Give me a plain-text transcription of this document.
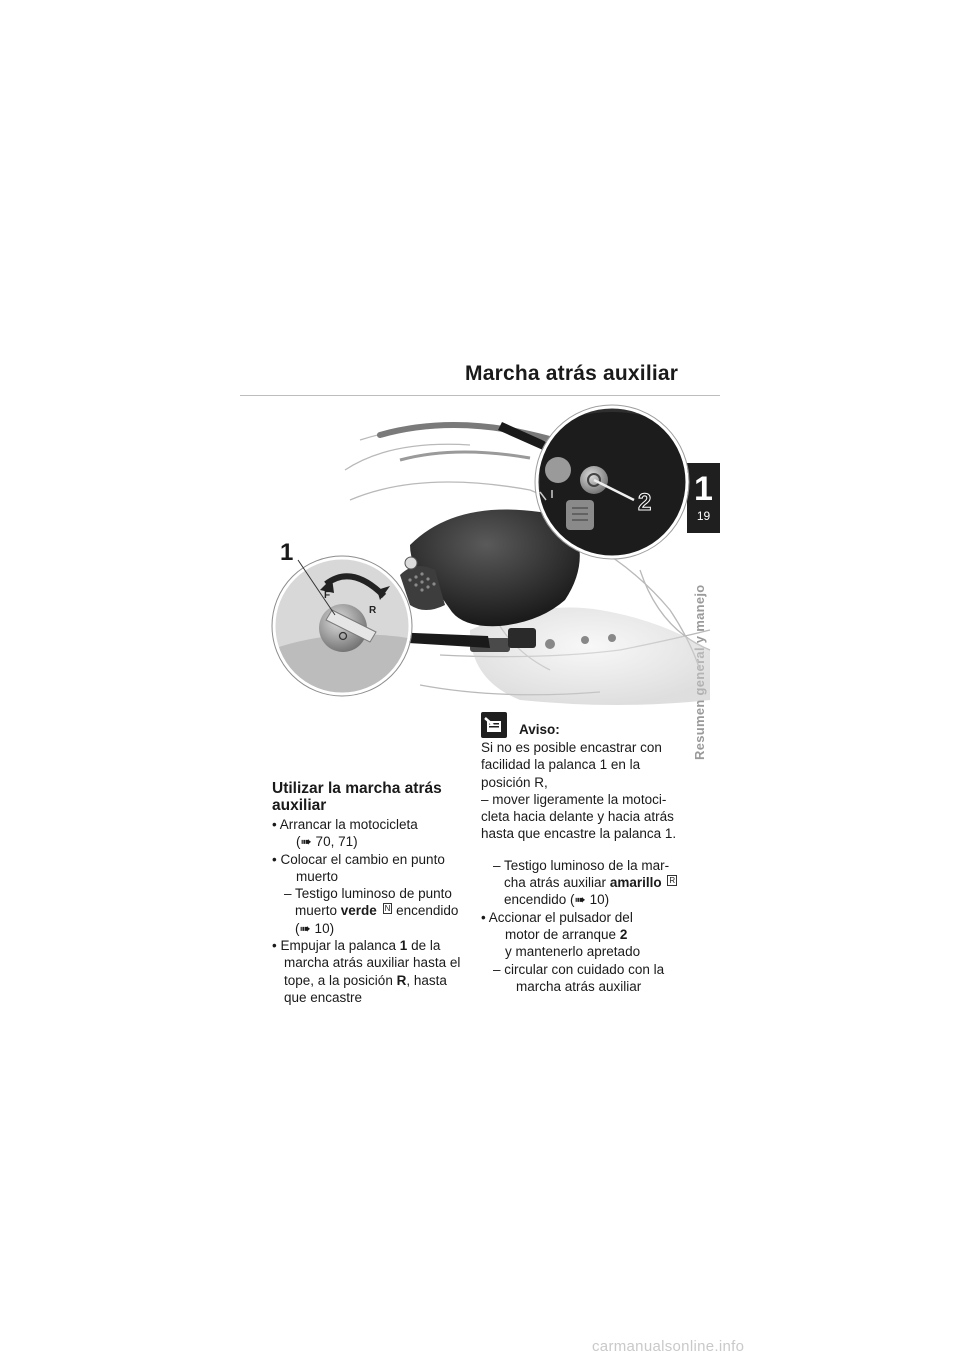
Marcha atrás auxiliar
1
19
2
F
R
1
Utilizar la marcha atrás auxiliar
• Arrancar la motocicleta
(➠ 70, 71)
• Colocar el cambio en punto
muerto
– Testigo luminoso de punto
muerto verde N encendido
(➠ 10)
• Empujar la palanca 1 de la
marcha atrás auxiliar hasta el
tope, a la posición R, hasta
que encastre
Aviso:
Si no es posible encastrar con
facilidad la palanca 1 en la
posición R,
– mover ligeramente la motoci-
cleta hacia delante y hacia atrás
hasta que encastre la palanca 1.
– Testigo luminoso de la mar-
cha atrás auxiliar amarillo R
encendido (➠ 10)
• Accionar el pulsador del
motor de arranque 2
y mantenerlo apretado
– circular con cuidado con la
marcha atrás auxiliar
carmanualsonline.info
